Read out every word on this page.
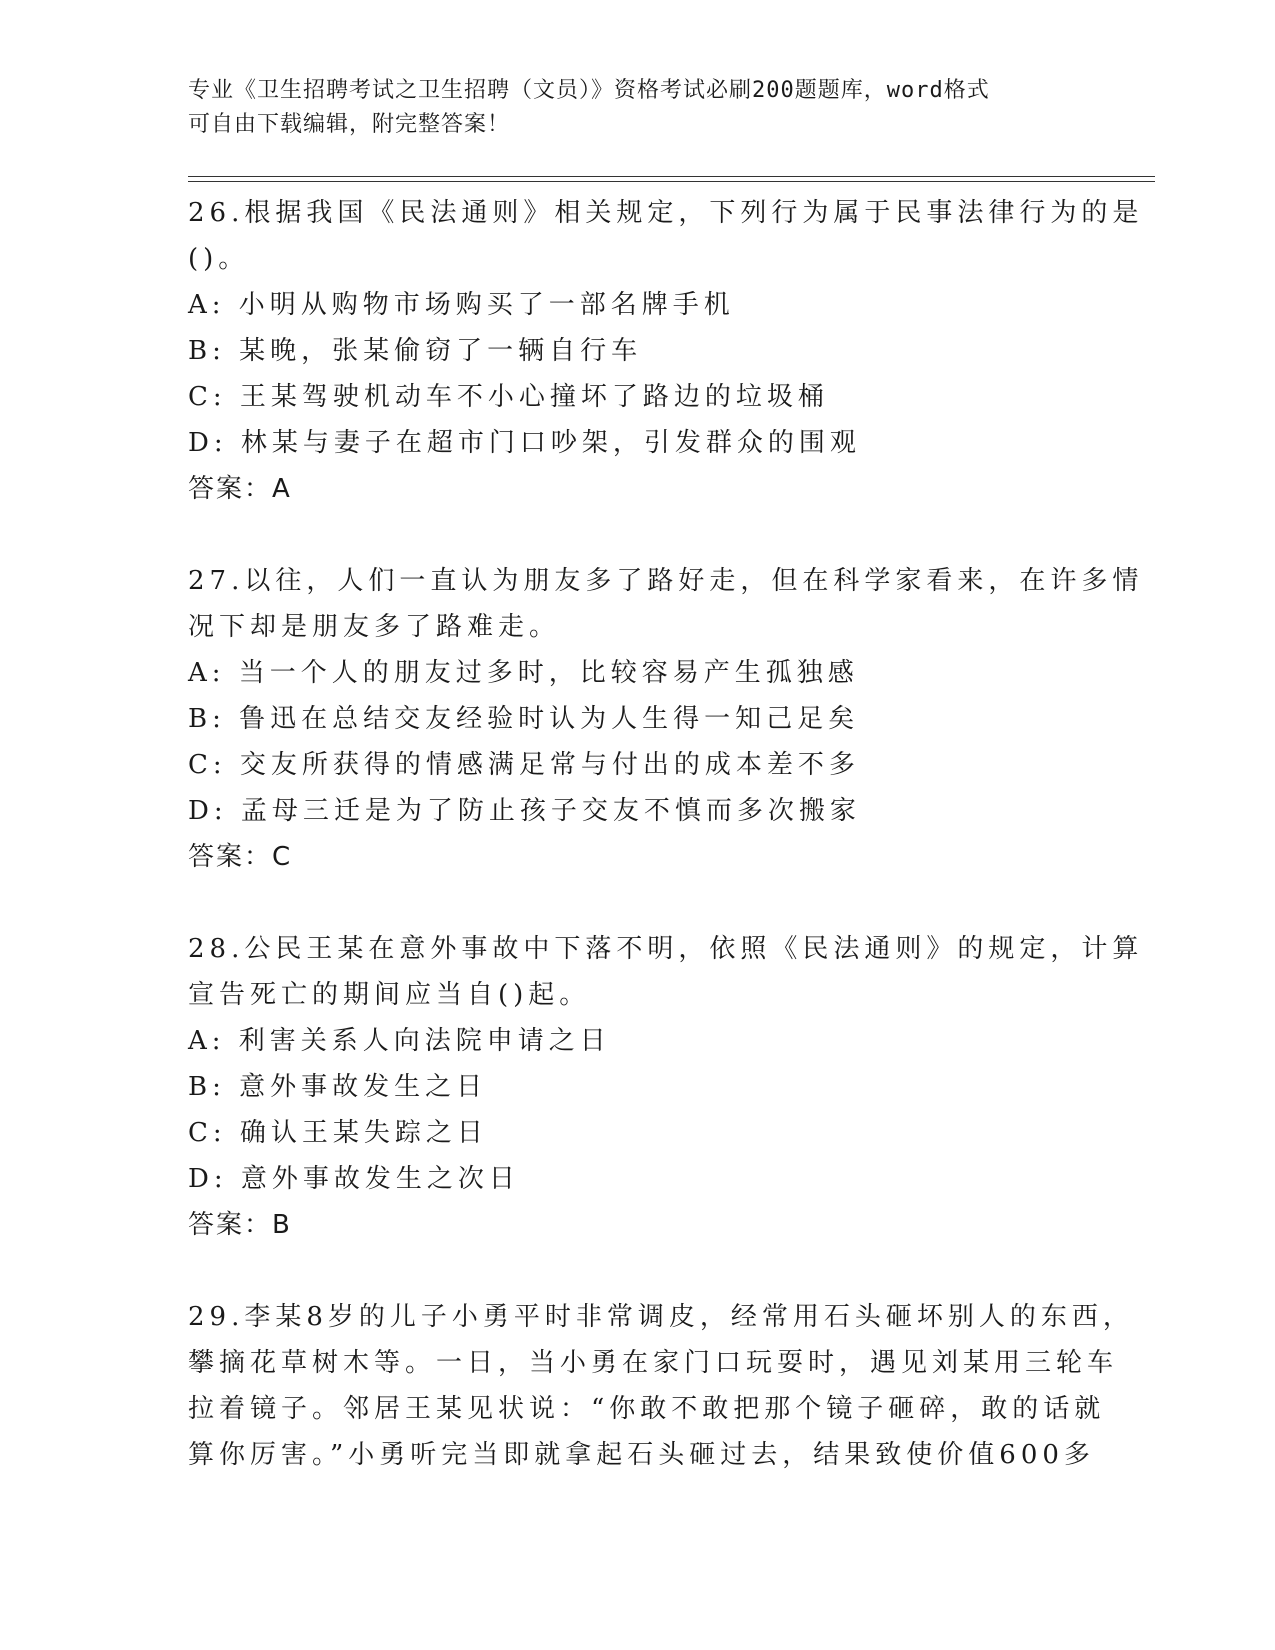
专业《卫生招聘考试之卫生招聘（文员）》资格考试必刷200题题库，word格式
可自由下载编辑，附完整答案！
26.根据我国《民法通则》相关规定，下列行为属于民事法律行为的是
()。
A: 小明从购物市场购买了一部名牌手机
B: 某晚，张某偷窃了一辆自行车
C: 王某驾驶机动车不小心撞坏了路边的垃圾桶
D: 林某与妻子在超市门口吵架，引发群众的围观
答案：A
27.以往，人们一直认为朋友多了路好走，但在科学家看来，在许多情
况下却是朋友多了路难走。
A: 当一个人的朋友过多时，比较容易产生孤独感
B: 鲁迅在总结交友经验时认为人生得一知己足矣
C: 交友所获得的情感满足常与付出的成本差不多
D: 孟母三迁是为了防止孩子交友不慎而多次搬家
答案：C
28.公民王某在意外事故中下落不明，依照《民法通则》的规定，计算
宣告死亡的期间应当自()起。
A: 利害关系人向法院申请之日
B: 意外事故发生之日
C: 确认王某失踪之日
D: 意外事故发生之次日
答案：B
29.李某8岁的儿子小勇平时非常调皮，经常用石头砸坏别人的东西，
攀摘花草树木等。一日，当小勇在家门口玩耍时，遇见刘某用三轮车
拉着镜子。邻居王某见状说：“你敢不敢把那个镜子砸碎，敢的话就
算你厉害。”小勇听完当即就拿起石头砸过去，结果致使价值600多
